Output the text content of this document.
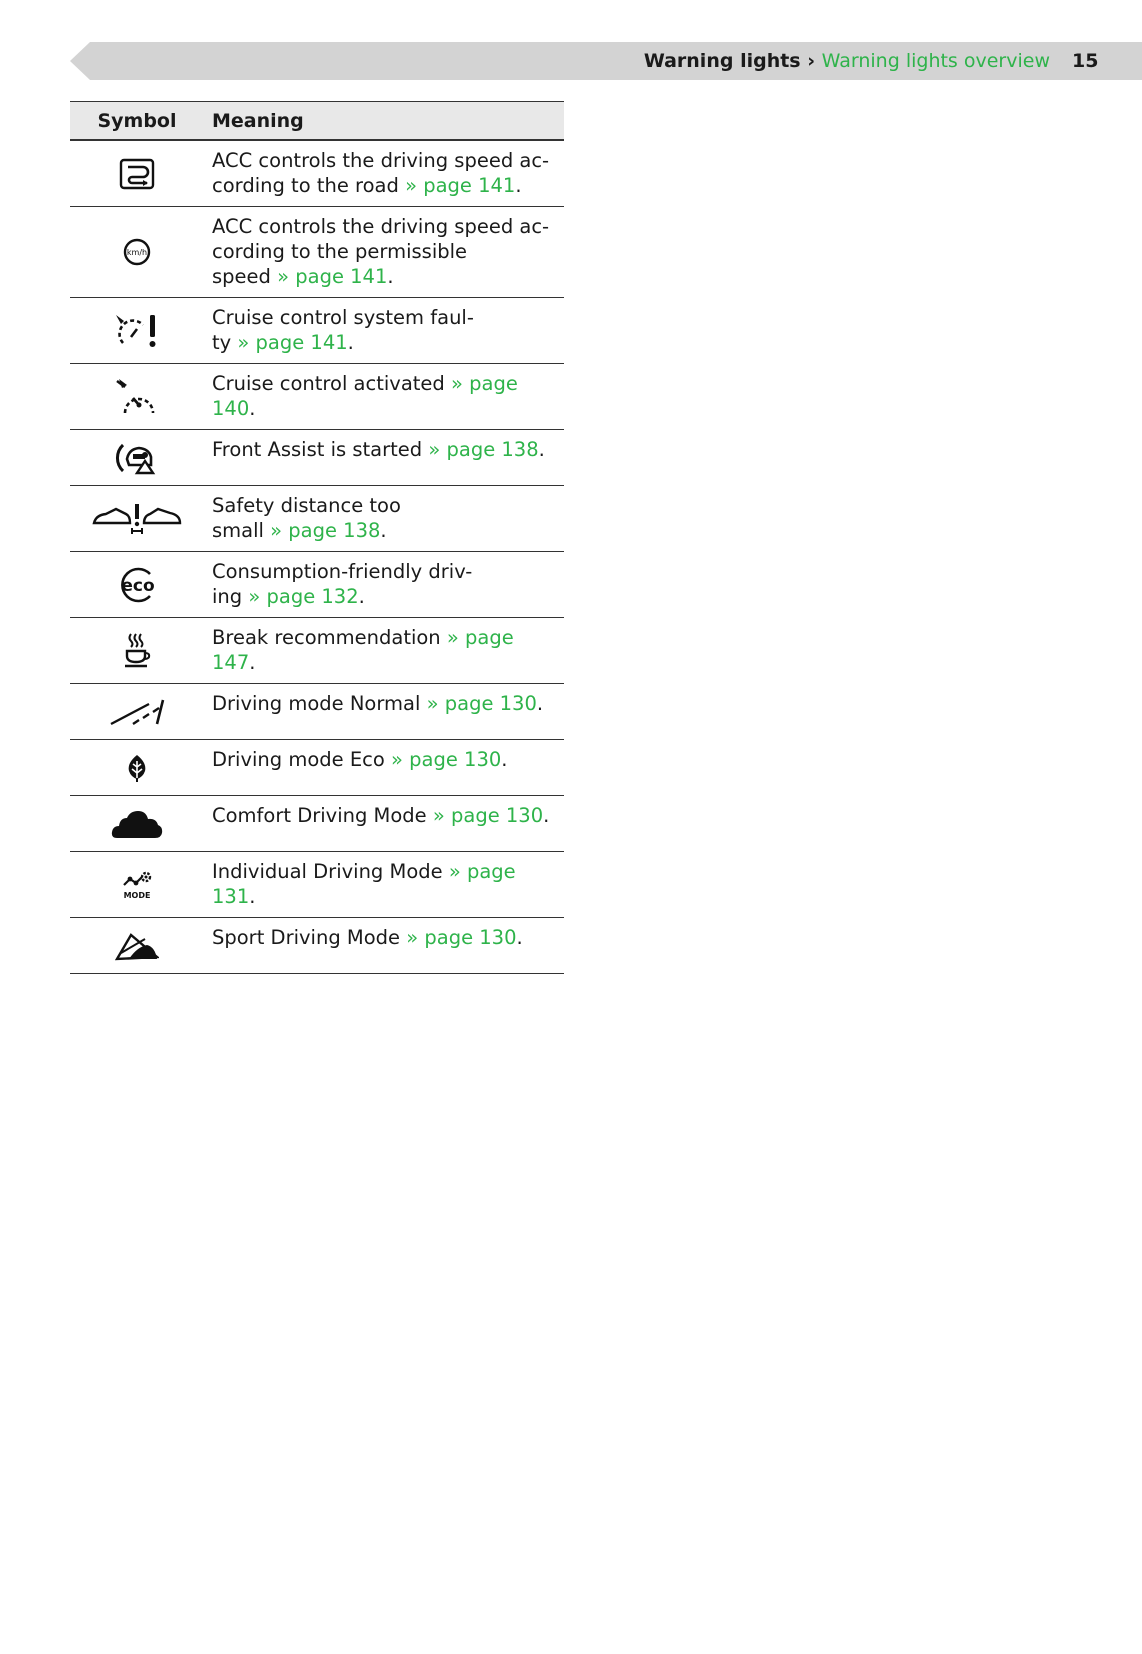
Warning lights › Warning lights overview 15
Symbol	Meaning

	ACC controls the driving speed ac-
cording to the road » page 141.

km/h	ACC controls the driving speed ac-
cording to the permissible
speed » page 141.

	Cruise control system faul-
ty » page 141.

	Cruise control activated » page 140.

	Front Assist is started » page 138.

	Safety distance too
small » page 138.

eco	Consumption-friendly driv-
ing » page 132.

	Break recommendation » page 147.

	Driving mode Normal » page 130.

	Driving mode Eco » page 130.

	Comfort Driving Mode » page 130.

MODE	Individual Driving Mode » page 131.

	Sport Driving Mode » page 130.
